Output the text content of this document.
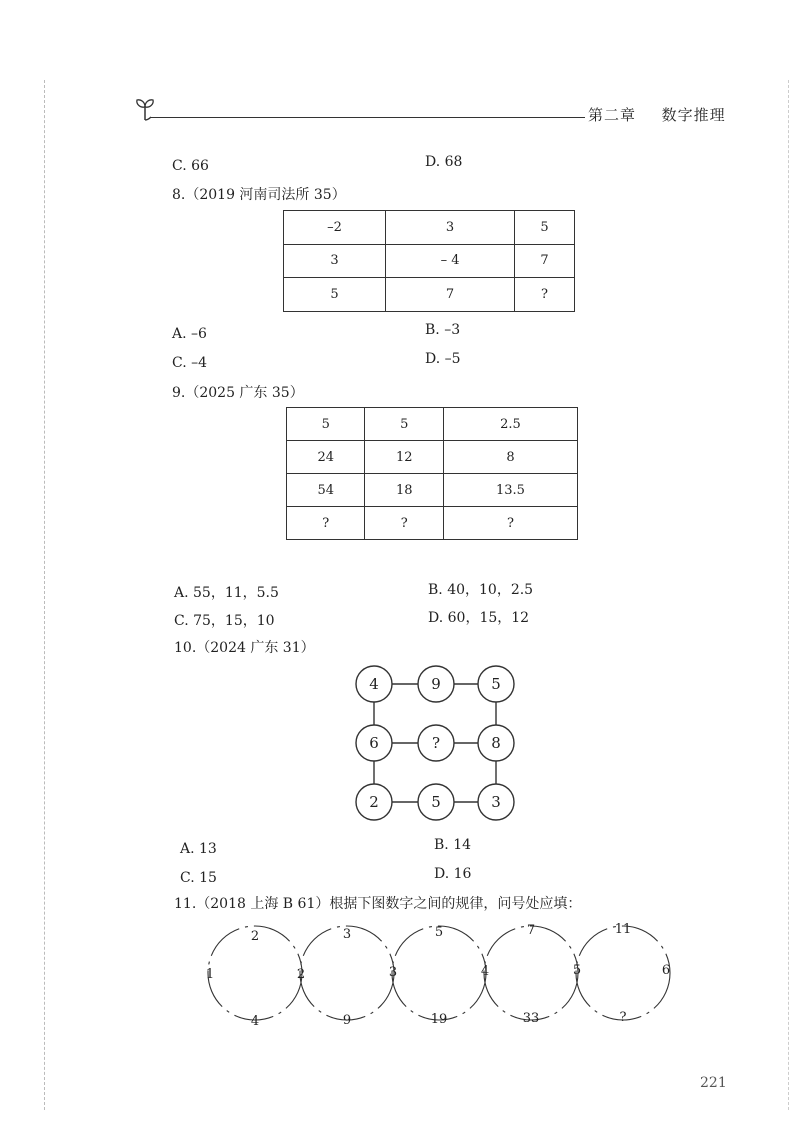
第二章 数字推理
C. 66	D. 68
8.（2019 河南司法所 35）
–2	3	5
3	– 4	7
5	7	?
A. –6	B. –3
C. –4	D. –5
9.（2025 广东 35）
5	5	2.5
24	12	8
54	18	13.5
?	?	?
A. 55，11，5.5	B. 40，10，2.5
C. 75，15，10	D. 60，15，12
10.（2024 广东 31）
4	9	5
6	?	8
2	5	3
A. 13	B. 14
C. 15	D. 16
11.（2018 上海 B 61）根据下图数字之间的规律，问号处应填：
2
4
1	2
3
9
3
5
19
4
7
33
5
11
?
6
221
